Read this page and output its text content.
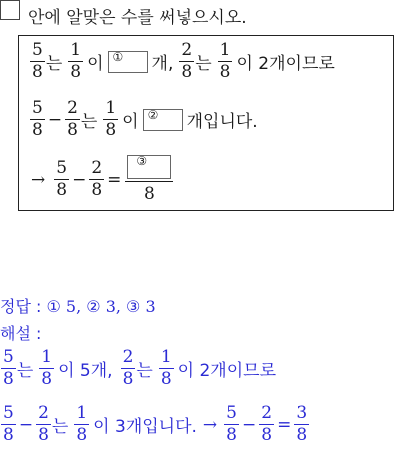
안에 알맞은 수를 써넣으시오.
$\frac{5}{8}$ 는 $\frac{1}{8}$ 이 ① 개, $\frac{2}{8}$ 는 $\frac{1}{8}$ 이 2개이므로
$\frac{5}{8} - \frac{2}{8}$ 는 $\frac{1}{8}$ 이 ② 개입니다.
→ $\frac{5}{8} - \frac{2}{8} = \frac{\text{③}}{8}$
정답 : ① 5, ② 3, ③ 3
해설 :
$\frac{5}{8}$ 는 $\frac{1}{8}$ 이 5개, $\frac{2}{8}$ 는 $\frac{1}{8}$ 이 2개이므로
$\frac{5}{8} - \frac{2}{8}$ 는 $\frac{1}{8}$ 이 3개입니다. → $\frac{5}{8} - \frac{2}{8} = \frac{3}{8}$
